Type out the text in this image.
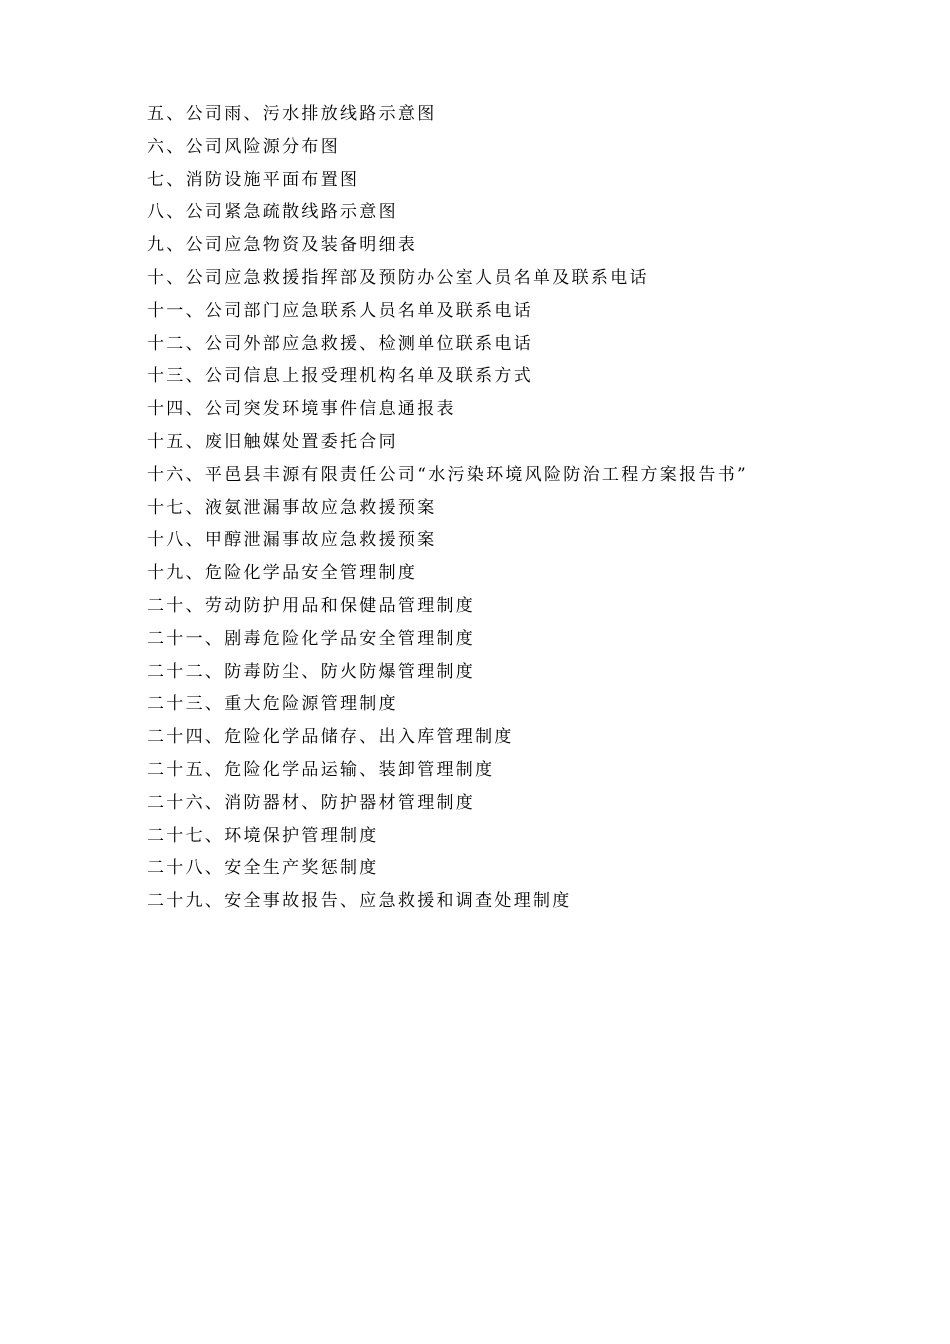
五、公司雨、污水排放线路示意图
六、公司风险源分布图
七、消防设施平面布置图
八、公司紧急疏散线路示意图
九、公司应急物资及装备明细表
十、公司应急救援指挥部及预防办公室人员名单及联系电话
十一、公司部门应急联系人员名单及联系电话
十二、公司外部应急救援、检测单位联系电话
十三、公司信息上报受理机构名单及联系方式
十四、公司突发环境事件信息通报表
十五、废旧触媒处置委托合同
十六、平邑县丰源有限责任公司“水污染环境风险防治工程方案报告书”
十七、液氨泄漏事故应急救援预案
十八、甲醇泄漏事故应急救援预案
十九、危险化学品安全管理制度
二十、劳动防护用品和保健品管理制度
二十一、剧毒危险化学品安全管理制度
二十二、防毒防尘、防火防爆管理制度
二十三、重大危险源管理制度
二十四、危险化学品储存、出入库管理制度
二十五、危险化学品运输、装卸管理制度
二十六、消防器材、防护器材管理制度
二十七、环境保护管理制度
二十八、安全生产奖惩制度
二十九、安全事故报告、应急救援和调查处理制度
